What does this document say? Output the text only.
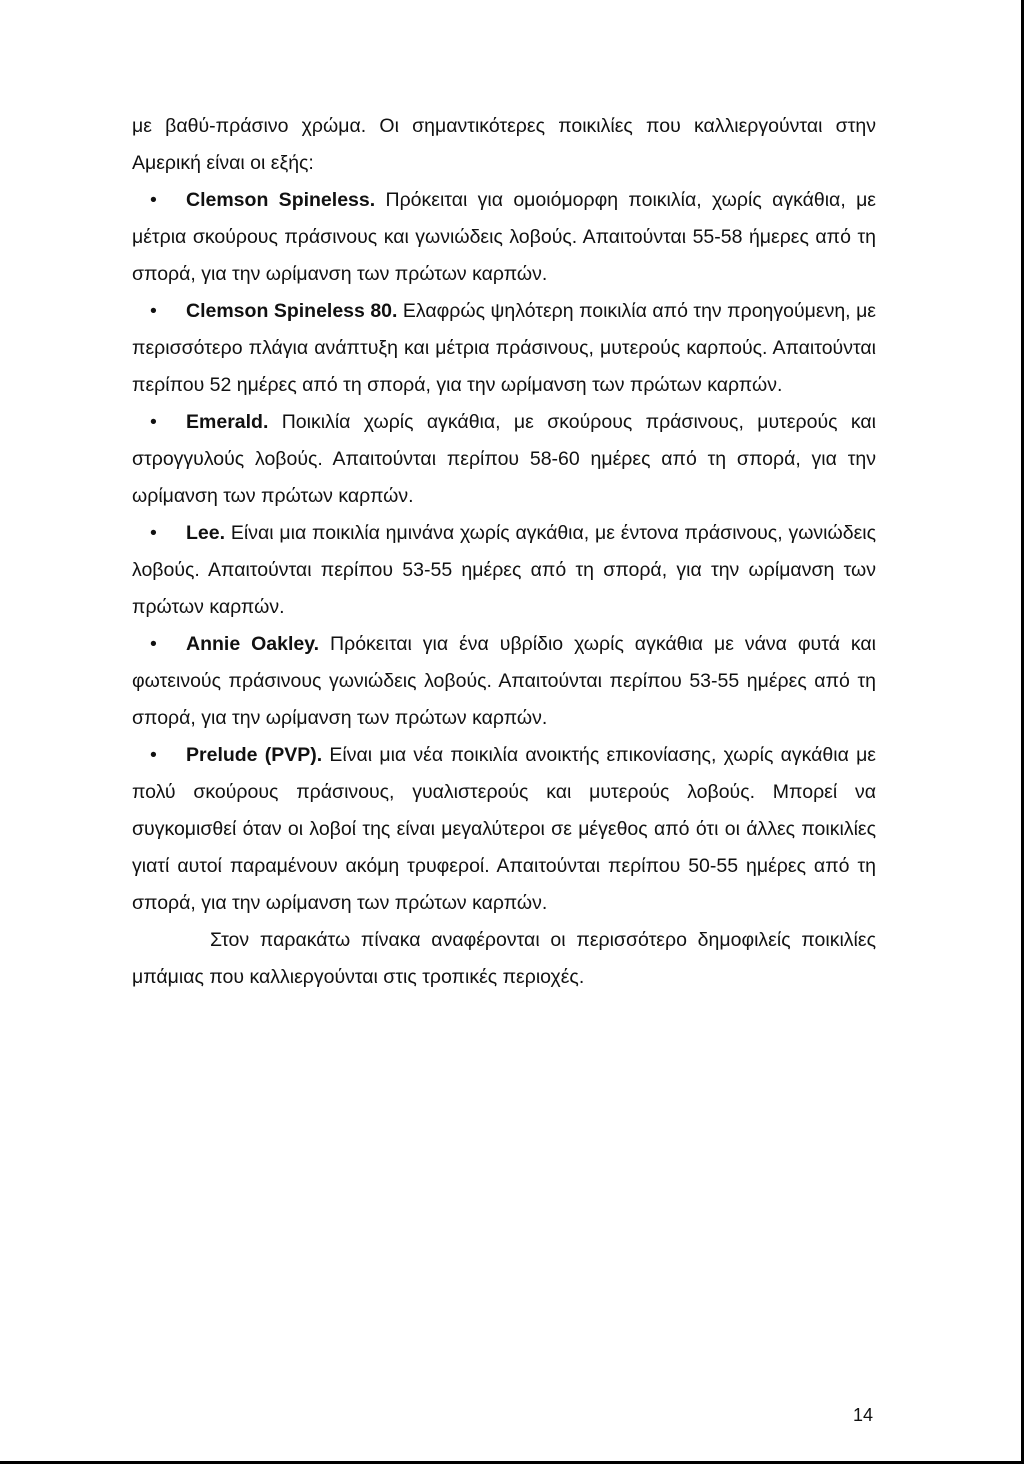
με βαθύ-πράσινο χρώμα. Οι σημαντικότερες ποικιλίες που καλλιεργούνται στην Αμερική είναι οι εξής:

• Clemson Spineless. Πρόκειται για ομοιόμορφη ποικιλία, χωρίς αγκάθια, με μέτρια σκούρους πράσινους και γωνιώδεις λοβούς. Απαιτούνται 55-58 ήμερες από τη σπορά, για την ωρίμανση των πρώτων καρπών.

• Clemson Spineless 80. Ελαφρώς ψηλότερη ποικιλία από την προηγούμενη, με περισσότερο πλάγια ανάπτυξη και μέτρια πράσινους, μυτερούς καρπούς. Απαιτούνται περίπου 52 ημέρες από τη σπορά, για την ωρίμανση των πρώτων καρπών.

• Emerald. Ποικιλία χωρίς αγκάθια, με σκούρους πράσινους, μυτερούς και στρογγυλούς λοβούς. Απαιτούνται περίπου 58-60 ημέρες από τη σπορά, για την ωρίμανση των πρώτων καρπών.

• Lee. Είναι μια ποικιλία ημινάνα χωρίς αγκάθια, με έντονα πράσινους, γωνιώδεις λοβούς. Απαιτούνται περίπου 53-55 ημέρες από τη σπορά, για την ωρίμανση των πρώτων καρπών.

• Annie Oakley. Πρόκειται για ένα υβρίδιο χωρίς αγκάθια με νάνα φυτά και φωτεινούς πράσινους γωνιώδεις λοβούς. Απαιτούνται περίπου 53-55 ημέρες από τη σπορά, για την ωρίμανση των πρώτων καρπών.

• Prelude (PVP). Είναι μια νέα ποικιλία ανοικτής επικονίασης, χωρίς αγκάθια με πολύ σκούρους πράσινους, γυαλιστερούς και μυτερούς λοβούς. Μπορεί να συγκομισθεί όταν οι λοβοί της είναι μεγαλύτεροι σε μέγεθος από ότι οι άλλες ποικιλίες γιατί αυτοί παραμένουν ακόμη τρυφεροί. Απαιτούνται περίπου 50-55 ημέρες από τη σπορά, για την ωρίμανση των πρώτων καρπών.

Στον παρακάτω πίνακα αναφέρονται οι περισσότερο δημοφιλείς ποικιλίες μπάμιας που καλλιεργούνται στις τροπικές περιοχές.

14
